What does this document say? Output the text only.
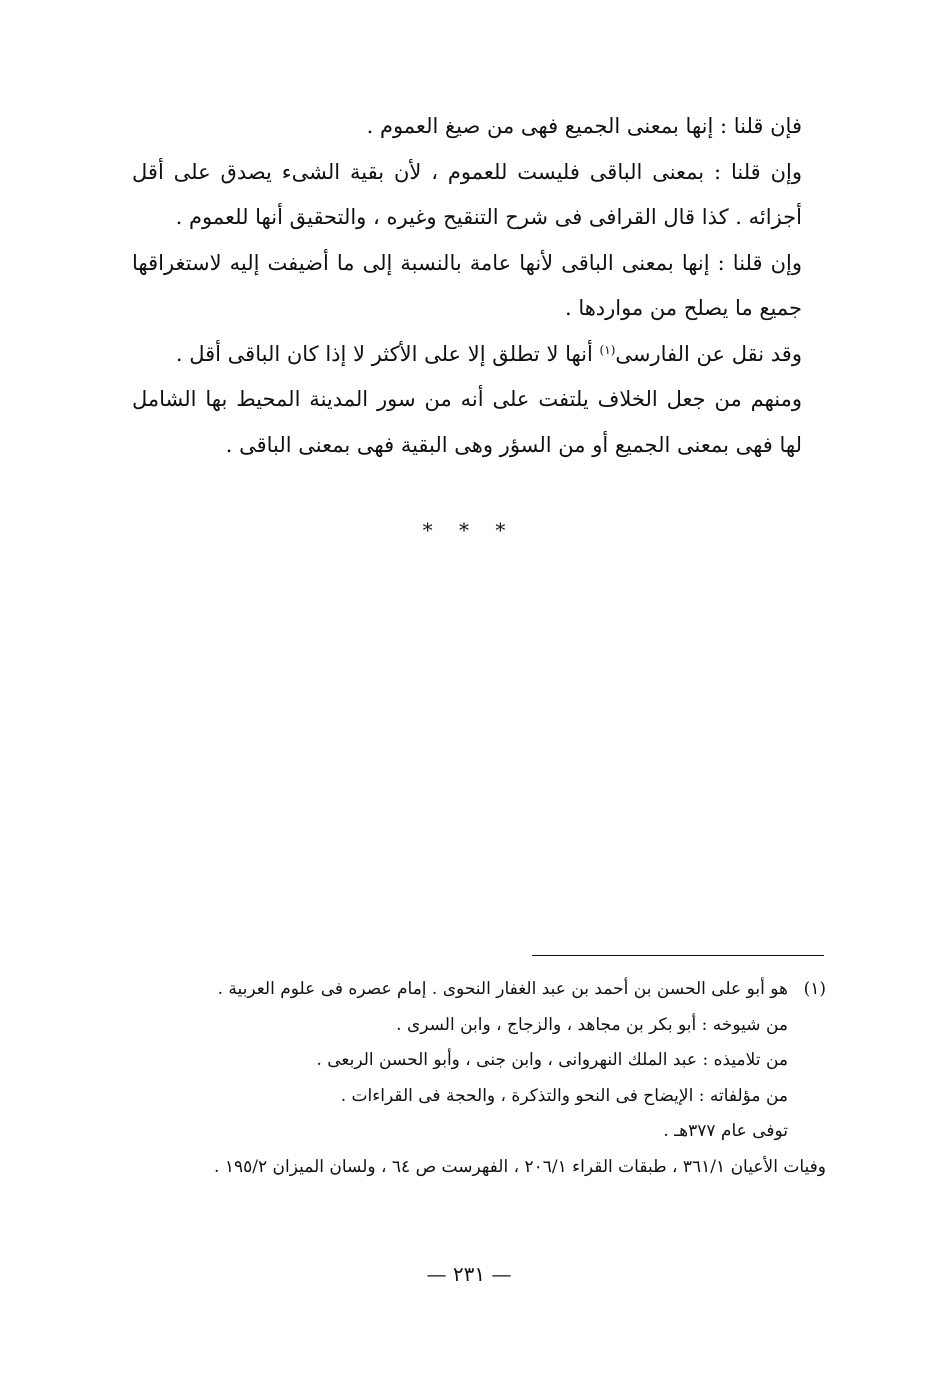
فإن قلنا : إنها بمعنى الجميع فهى من صيغ العموم .

وإن قلنا : بمعنى الباقى فليست للعموم ، لأن بقية الشىء يصدق على أقل أجزائه . كذا قال القرافى فى شرح التنقيح وغيره ، والتحقيق أنها للعموم .

وإن قلنا : إنها بمعنى الباقى لأنها عامة بالنسبة إلى ما أضيفت إليه لاستغراقها جميع ما يصلح من مواردها .

وقد نقل عن الفارسى$^{(١)}$ أنها لا تطلق إلا على الأكثر لا إذا كان الباقى أقل .

ومنهم من جعل الخلاف يلتفت على أنه من سور المدينة المحيط بها الشامل لها فهى بمعنى الجميع أو من السؤر وهى البقية فهى بمعنى الباقى .

* * *
(١)
هو أبو على الحسن بن أحمد بن عبد الغفار النحوى . إمام عصره فى علوم العربية .
من شيوخه : أبو بكر بن مجاهد ، والزجاج ، وابن السرى .
من تلاميذه : عبد الملك النهروانى ، وابن جنى ، وأبو الحسن الربعى .
من مؤلفاته : الإيضاح فى النحو والتذكرة ، والحجة فى القراءات .
توفى عام ٣٧٧هـ .
وفيات الأعيان ٣٦١/١ ، طبقات القراء ٢٠٦/١ ، الفهرست ص ٦٤ ، ولسان الميزان ١٩٥/٢ .
— ٢٣١ —
